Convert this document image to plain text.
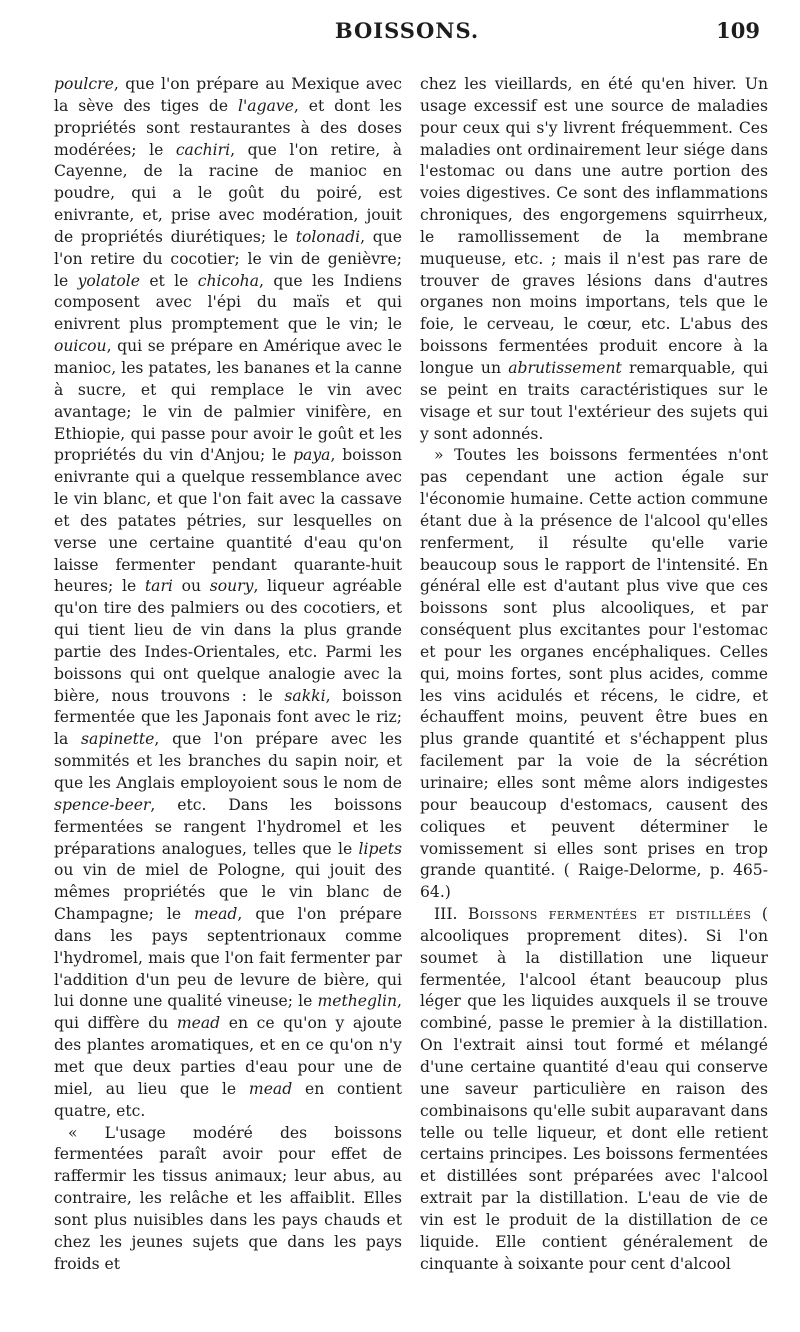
BOISSONS.	109

poulcre, que l'on prépare au Mexique avec la sève des tiges de l'agave, et dont les propriétés sont restaurantes à des doses modérées; le cachiri, que l'on retire, à Cayenne, de la racine de manioc en poudre, qui a le goût du poiré, est enivrante, et, prise avec modération, jouit de propriétés diurétiques; le tolonadi, que l'on retire du cocotier; le vin de genièvre; le yolatole et le chicoha, que les Indiens composent avec l'épi du maïs et qui enivrent plus promptement que le vin; le ouicou, qui se prépare en Amérique avec le manioc, les patates, les bananes et la canne à sucre, et qui remplace le vin avec avantage; le vin de palmier vinifère, en Ethiopie, qui passe pour avoir le goût et les propriétés du vin d'Anjou; le paya, boisson enivrante qui a quelque ressemblance avec le vin blanc, et que l'on fait avec la cassave et des patates pétries, sur lesquelles on verse une certaine quantité d'eau qu'on laisse fermenter pendant quarante-huit heures; le tari ou soury, liqueur agréable qu'on tire des palmiers ou des cocotiers, et qui tient lieu de vin dans la plus grande partie des Indes-Orientales, etc. Parmi les boissons qui ont quelque analogie avec la bière, nous trouvons : le sakki, boisson fermentée que les Japonais font avec le riz; la sapinette, que l'on prépare avec les sommités et les branches du sapin noir, et que les Anglais employoient sous le nom de spence-beer, etc. Dans les boissons fermentées se rangent l'hydromel et les préparations analogues, telles que le lipets ou vin de miel de Pologne, qui jouit des mêmes propriétés que le vin blanc de Champagne; le mead, que l'on prépare dans les pays septentrionaux comme l'hydromel, mais que l'on fait fermenter par l'addition d'un peu de levure de bière, qui lui donne une qualité vineuse; le metheglin, qui diffère du mead en ce qu'on y ajoute des plantes aromatiques, et en ce qu'on n'y met que deux parties d'eau pour une de miel, au lieu que le mead en contient quatre, etc.

« L'usage modéré des boissons fermentées paraît avoir pour effet de raffermir les tissus animaux; leur abus, au contraire, les relâche et les affaiblit. Elles sont plus nuisibles dans les pays chauds et chez les jeunes sujets que dans les pays froids et

chez les vieillards, en été qu'en hiver. Un usage excessif est une source de maladies pour ceux qui s'y livrent fréquemment. Ces maladies ont ordinairement leur siége dans l'estomac ou dans une autre portion des voies digestives. Ce sont des inflammations chroniques, des engorgemens squirrheux, le ramollissement de la membrane muqueuse, etc. ; mais il n'est pas rare de trouver de graves lésions dans d'autres organes non moins importans, tels que le foie, le cerveau, le cœur, etc. L'abus des boissons fermentées produit encore à la longue un abrutissement remarquable, qui se peint en traits caractéristiques sur le visage et sur tout l'extérieur des sujets qui y sont adonnés.

» Toutes les boissons fermentées n'ont pas cependant une action égale sur l'économie humaine. Cette action commune étant due à la présence de l'alcool qu'elles renferment, il résulte qu'elle varie beaucoup sous le rapport de l'intensité. En général elle est d'autant plus vive que ces boissons sont plus alcooliques, et par conséquent plus excitantes pour l'estomac et pour les organes encéphaliques. Celles qui, moins fortes, sont plus acides, comme les vins acidulés et récens, le cidre, et échauffent moins, peuvent être bues en plus grande quantité et s'échappent plus facilement par la voie de la sécrétion urinaire; elles sont même alors indigestes pour beaucoup d'estomacs, causent des coliques et peuvent déterminer le vomissement si elles sont prises en trop grande quantité. ( Raige-Delorme, p. 465-64.)

III. Boissons fermentées et distillées ( alcooliques proprement dites). Si l'on soumet à la distillation une liqueur fermentée, l'alcool étant beaucoup plus léger que les liquides auxquels il se trouve combiné, passe le premier à la distillation. On l'extrait ainsi tout formé et mélangé d'une certaine quantité d'eau qui conserve une saveur particulière en raison des combinaisons qu'elle subit auparavant dans telle ou telle liqueur, et dont elle retient certains principes. Les boissons fermentées et distillées sont préparées avec l'alcool extrait par la distillation. L'eau de vie de vin est le produit de la distillation de ce liquide. Elle contient généralement de cinquante à soixante pour cent d'alcool
